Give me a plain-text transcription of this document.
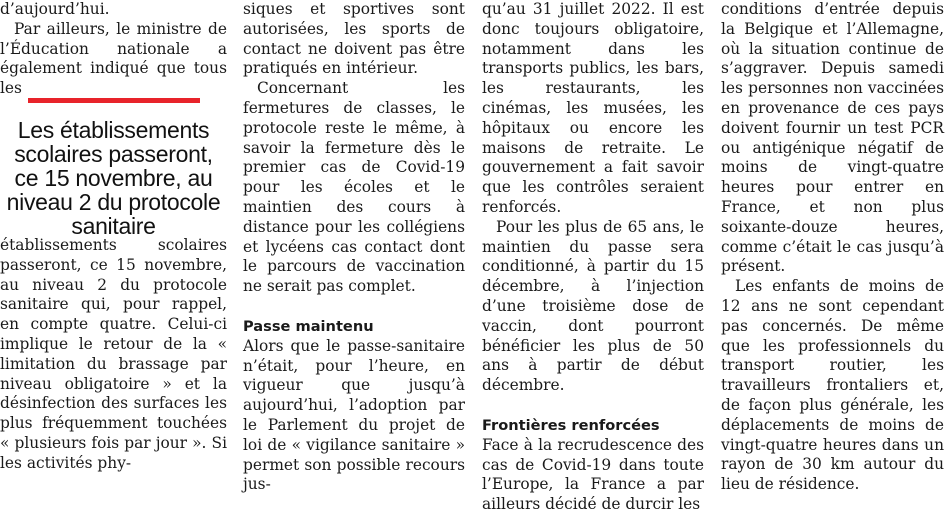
d’aujourd’hui.

Par ailleurs, le ministre de l’Éducation nationale a également indiqué que tous les

Les établissements scolaires passeront, ce 15 novembre, au niveau 2 du protocole sanitaire

établissements scolaires passeront, ce 15 novembre, au niveau 2 du protocole sanitaire qui, pour rappel, en compte quatre. Celui-ci implique le retour de la « limitation du brassage par niveau obligatoire » et la désinfection des surfaces les plus fréquemment touchées « plusieurs fois par jour ». Si les activités phy-

siques et sportives sont autorisées, les sports de contact ne doivent pas être pratiqués en intérieur.

Concernant les fermetures de classes, le protocole reste le même, à savoir la fermeture dès le premier cas de Covid-19 pour les écoles et le maintien des cours à distance pour les collégiens et lycéens cas contact dont le parcours de vaccination ne serait pas complet.

Passe maintenu

Alors que le passe-sanitaire n’était, pour l’heure, en vigueur que jusqu’à aujourd’hui, l’adoption par le Parlement du projet de loi de « vigilance sanitaire » permet son possible recours jus-

qu’au 31 juillet 2022. Il est donc toujours obligatoire, notamment dans les transports publics, les bars, les restaurants, les cinémas, les musées, les hôpitaux ou encore les maisons de retraite. Le gouvernement a fait savoir que les contrôles seraient renforcés.

Pour les plus de 65 ans, le maintien du passe sera conditionné, à partir du 15 décembre, à l’injection d’une troisième dose de vaccin, dont pourront bénéficier les plus de 50 ans à partir de début décembre.

Frontières renforcées

Face à la recrudescence des cas de Covid-19 dans toute l’Europe, la France a par ailleurs décidé de durcir les

conditions d’entrée depuis la Belgique et l’Allemagne, où la situation continue de s’aggraver. Depuis samedi les personnes non vaccinées en provenance de ces pays doivent fournir un test PCR ou antigénique négatif de moins de vingt-quatre heures pour entrer en France, et non plus soixante-douze heures, comme c’était le cas jusqu’à présent.

Les enfants de moins de 12 ans ne sont cependant pas concernés. De même que les professionnels du transport routier, les travailleurs frontaliers et, de façon plus générale, les déplacements de moins de vingt-quatre heures dans un rayon de 30 km autour du lieu de résidence.
